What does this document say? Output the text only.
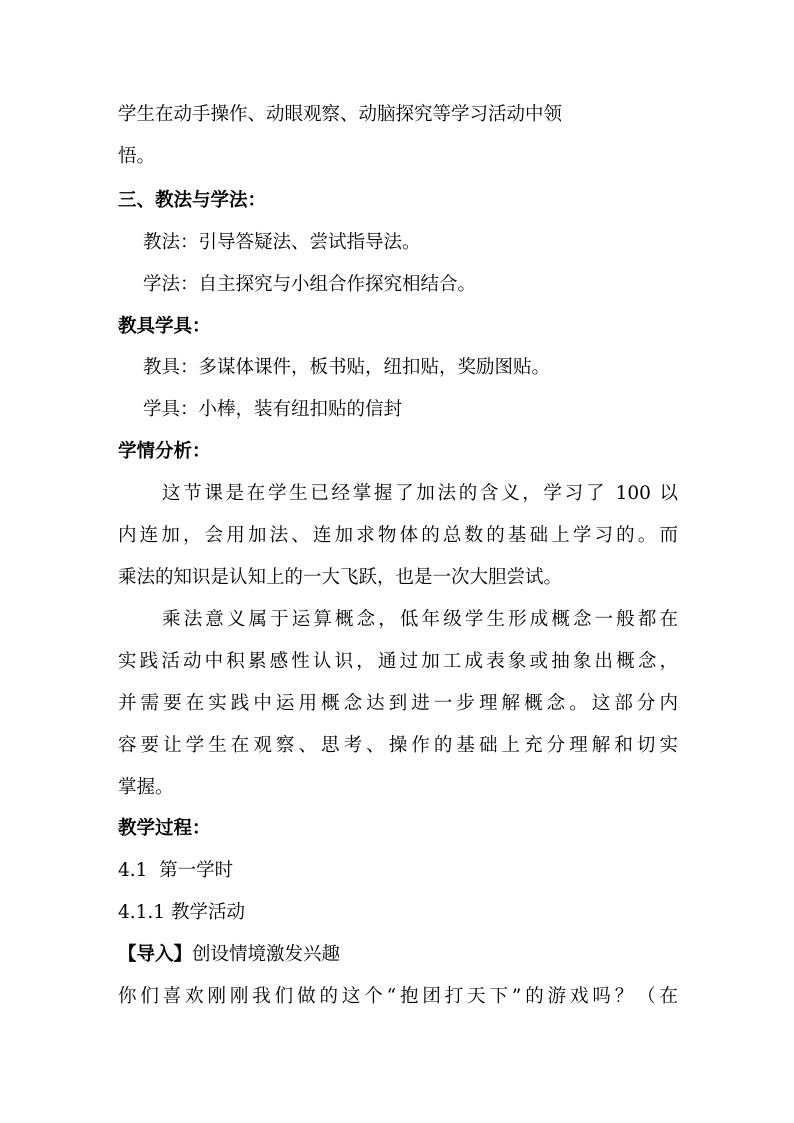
学生在动手操作、动眼观察、动脑探究等学习活动中领
悟。
三、教法与学法：
教法：引导答疑法、尝试指导法。
学法：自主探究与小组合作探究相结合。
教具学具：
教具：多谋体课件，板书贴，纽扣贴，奖励图贴。
学具：小棒，装有纽扣贴的信封
学情分析：
这节课是在学生已经掌握了加法的含义，学习了 100 以
内连加，会用加法、连加求物体的总数的基础上学习的。而
乘法的知识是认知上的一大飞跃，也是一次大胆尝试。
乘法意义属于运算概念，低年级学生形成概念一般都在
实践活动中积累感性认识，通过加工成表象或抽象出概念，
并需要在实践中运用概念达到进一步理解概念。这部分内
容要让学生在观察、思考、操作的基础上充分理解和切实
掌握。
教学过程：
4.1  第一学时
4.1.1 教学活动
【导入】创设情境激发兴趣
你们喜欢刚刚我们做的这个“抱团打天下”的游戏吗？（在
